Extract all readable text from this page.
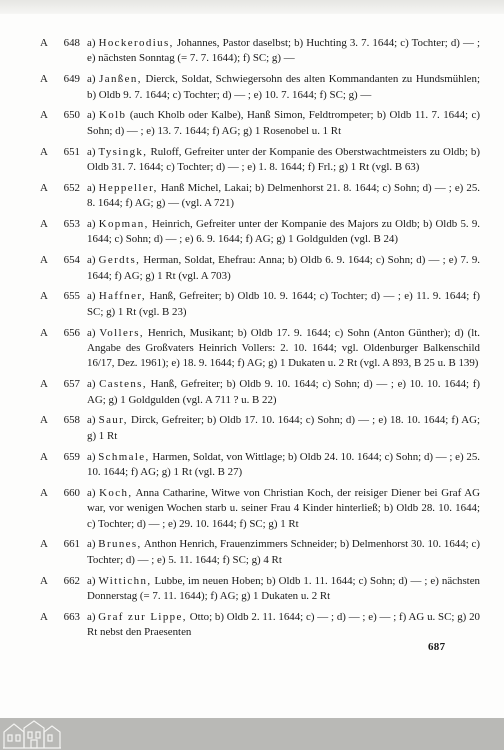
A	648 a) Hockerodius, Johannes, Pastor daselbst; b) Huchting 3. 7. 1644; c) Tochter; d) — ; e) nächsten Sonntag (= 7. 7. 1644); f) SC; g) —
A	649 a) Janßen, Dierck, Soldat, Schwiegersohn des alten Kommandanten zu Hundsmühlen; b) Oldb 9. 7. 1644; c) Tochter; d) — ; e) 10. 7. 1644; f) SC; g) —
A	650 a) Kolb (auch Kholb oder Kalbe), Hanß Simon, Feldtrompeter; b) Oldb 11. 7. 1644; c) Sohn; d) — ; e) 13. 7. 1644; f) AG; g) 1 Rosenobel u. 1 Rt
A	651 a) Tysingk, Ruloff, Gefreiter unter der Kompanie des Oberstwachtmeisters zu Oldb; b) Oldb 31. 7. 1644; c) Tochter; d) — ; e) 1. 8. 1644; f) Frl.; g) 1 Rt (vgl. B 63)
A	652 a) Heppeller, Hanß Michel, Lakai; b) Delmenhorst 21. 8. 1644; c) Sohn; d) — ; e) 25. 8. 1644; f) AG; g) — (vgl. A 721)
A	653 a) Kopman, Heinrich, Gefreiter unter der Kompanie des Majors zu Oldb; b) Oldb 5. 9. 1644; c) Sohn; d) — ; e) 6. 9. 1644; f) AG; g) 1 Goldgulden (vgl. B 24)
A	654 a) Gerdts, Herman, Soldat, Ehefrau: Anna; b) Oldb 6. 9. 1644; c) Sohn; d) — ; e) 7. 9. 1644; f) AG; g) 1 Rt (vgl. A 703)
A	655 a) Haffner, Hanß, Gefreiter; b) Oldb 10. 9. 1644; c) Tochter; d) — ; e) 11. 9. 1644; f) SC; g) 1 Rt (vgl. B 23)
A	656 a) Vollers, Henrich, Musikant; b) Oldb 17. 9. 1644; c) Sohn (Anton Günther); d) (lt. Angabe des Großvaters Heinrich Vollers: 2. 10. 1644; vgl. Oldenburger Balkenschild 16/17, Dez. 1961); e) 18. 9. 1644; f) AG; g) 1 Dukaten u. 2 Rt (vgl. A 893, B 25 u. B 139)
A	657 a) Castens, Hanß, Gefreiter; b) Oldb 9. 10. 1644; c) Sohn; d) — ; e) 10. 10. 1644; f) AG; g) 1 Goldgulden (vgl. A 711 ? u. B 22)
A	658 a) Saur, Dirck, Gefreiter; b) Oldb 17. 10. 1644; c) Sohn; d) — ; e) 18. 10. 1644; f) AG; g) 1 Rt
A	659 a) Schmale, Harmen, Soldat, von Wittlage; b) Oldb 24. 10. 1644; c) Sohn; d) — ; e) 25. 10. 1644; f) AG; g) 1 Rt (vgl. B 27)
A	660 a) Koch, Anna Catharine, Witwe von Christian Koch, der reisiger Diener bei Graf AG war, vor wenigen Wochen starb u. seiner Frau 4 Kinder hinterließ; b) Oldb 28. 10. 1644; c) Tochter; d) — ; e) 29. 10. 1644; f) SC; g) 1 Rt
A	661 a) Brunes, Anthon Henrich, Frauenzimmers Schneider; b) Delmenhorst 30. 10. 1644; c) Tochter; d) — ; e) 5. 11. 1644; f) SC; g) 4 Rt
A	662 a) Wittichn, Lubbe, im neuen Hoben; b) Oldb 1. 11. 1644; c) Sohn; d) — ; e) nächsten Donnerstag (= 7. 11. 1644); f) AG; g) 1 Dukaten u. 2 Rt
A	663 a) Graf zur Lippe, Otto; b) Oldb 2. 11. 1644; c) — ; d) — ; e) — ; f) AG u. SC; g) 20 Rt nebst den Praesenten
687
